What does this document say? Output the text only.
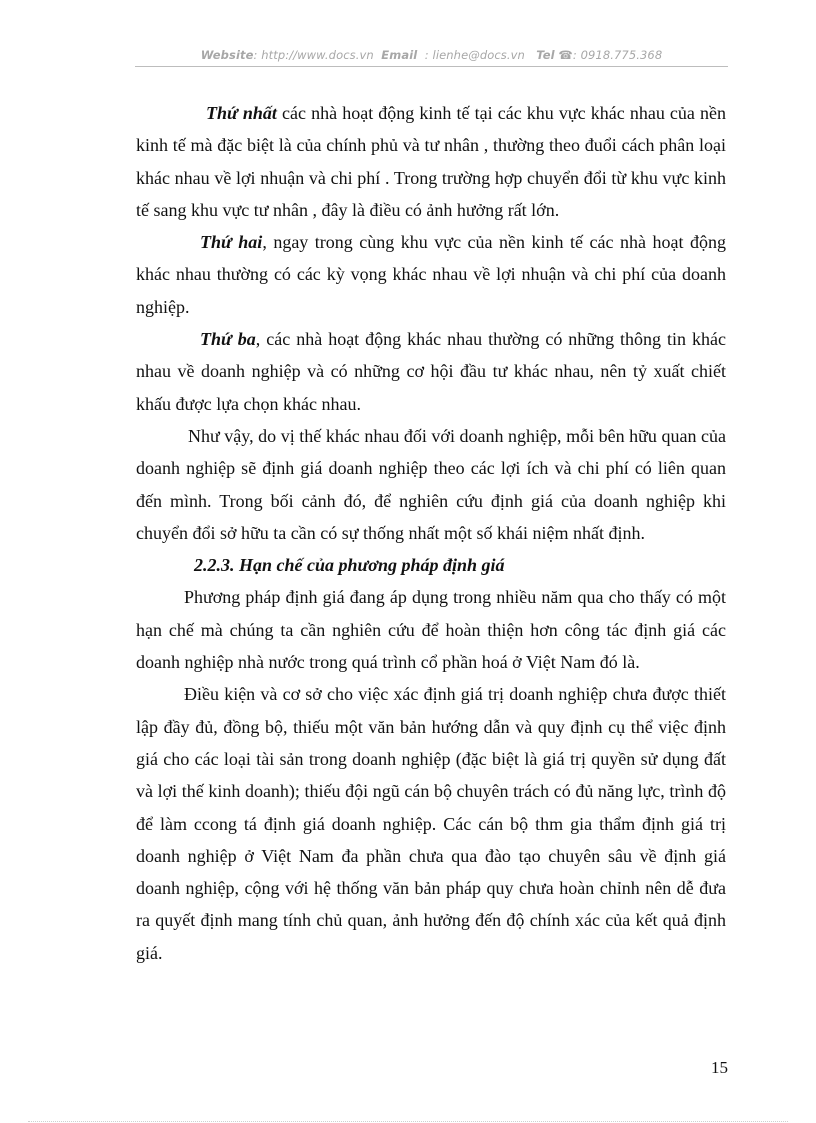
Website: http://www.docs.vn Email : lienhe@docs.vn Tel ☎: 0918.775.368

Thứ nhất các nhà hoạt động kinh tế tại các khu vực khác nhau của nền kinh tế mà đặc biệt là của chính phủ và tư nhân , thường theo đuổi cách phân loại khác nhau về lợi nhuận và chi phí . Trong trường hợp chuyển đổi từ khu vực kinh tế sang khu vực tư nhân , đây là điều có ảnh hưởng rất lớn.

Thứ hai, ngay trong cùng khu vực của nền kinh tế các nhà hoạt động khác nhau thường có các kỳ vọng khác nhau về lợi nhuận và chi phí của doanh nghiệp.

Thứ ba, các nhà hoạt động khác nhau thường có những thông tin khác nhau về doanh nghiệp và có những cơ hội đầu tư khác nhau, nên tỷ xuất chiết khấu được lựa chọn khác nhau.

Như vậy, do vị thế khác nhau đối với doanh nghiệp, mỗi bên hữu quan của doanh nghiệp sẽ định giá doanh nghiệp theo các lợi ích và chi phí có liên quan đến mình. Trong bối cảnh đó, để nghiên cứu định giá của doanh nghiệp khi chuyển đổi sở hữu ta cần có sự thống nhất một số khái niệm nhất định.

2.2.3. Hạn chế của phương pháp định giá

Phương pháp định giá đang áp dụng trong nhiều năm qua cho thấy có một hạn chế mà chúng ta cần nghiên cứu để hoàn thiện hơn công tác định giá các doanh nghiệp nhà nước trong quá trình cổ phần hoá ở Việt Nam đó là.

Điều kiện và cơ sở cho việc xác định giá trị doanh nghiệp chưa được thiết lập đầy đủ, đồng bộ, thiếu một văn bản hướng dẫn và quy định cụ thể việc định giá cho các loại tài sản trong doanh nghiệp (đặc biệt là giá trị quyền sử dụng đất và lợi thế kinh doanh); thiếu đội ngũ cán bộ chuyên trách có đủ năng lực, trình độ để làm ccong tá định giá doanh nghiệp. Các cán bộ thm gia thẩm định giá trị doanh nghiệp ở Việt Nam đa phần chưa qua đào tạo chuyên sâu về định giá doanh nghiệp, cộng với hệ thống văn bản pháp quy chưa hoàn chỉnh nên dễ đưa ra quyết định mang tính chủ quan, ảnh hưởng đến độ chính xác của kết quả định giá.

15
